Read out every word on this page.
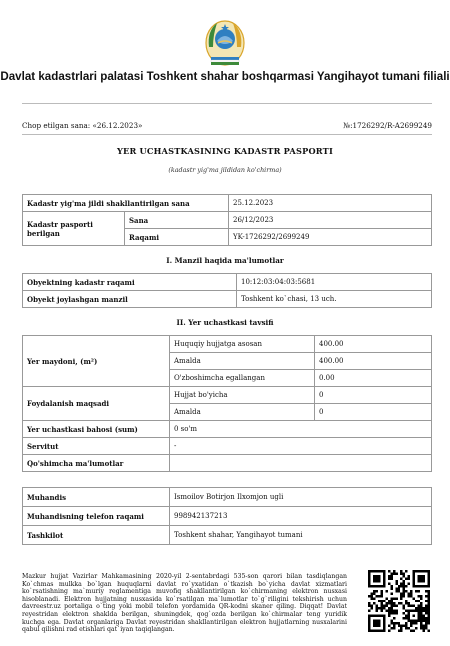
Davlat kadastrlari palatasi Toshkent shahar boshqarmasi Yangihayot tumani filiali
Chop etilgan sana: «26.12.2023»	№:1726292/R-A2699249
YER UCHASTKASINING KADASTR PASPORTI
(kadastr yig'ma jildidan ko'chirma)
Kadastr yig'ma jildi shakllantirilgan sana		25.12.2023
Kadastr pasporti berilgan	Sana	26/12/2023
	Raqami	YK-1726292/2699249
I. Manzil haqida ma'lumotlar
Obyektning kadastr raqami	10:12:03:04:03:5681
Obyekt joylashgan manzil	Toshkent ko`chasi, 13 uch.
II. Yer uchastkasi tavsifi
Yer maydoni, (m²)	Huquqiy hujjatga asosan	400.00
	Amalda	400.00
	O'zboshimcha egallangan	0.00
Foydalanish maqsadi	Hujjat bo'yicha	0
	Amalda	0
Yer uchastkasi bahosi (sum)	0 so'm	
Servitut	-	
Qo'shimcha ma'lumotlar		
Muhandis	Ismoilov Botirjon Ilxomjon ugli
Muhandisning telefon raqami	998942137213
Tashkilot	Toshkent shahar, Yangihayot tumani
Mazkur hujjat Vazirlar Mahkamasining 2020-yil 2-sentabrdagi 535-son qarori bilan tasdiqlangan Ko`chmas mulkka bo`lgan huquqlarni davlat ro`yxatidan o`tkazish bo`yicha davlat xizmatlari ko`rsatishning ma`muriy reglamentiga muvofiq shakllantirilgan ko`chirmaning elektron nusxasi hisoblanadi. Elektron hujjatning nusxasida ko`rsatilgan ma`lumotlar to`g`riligini tekshirish uchun davreestr.uz portaliga o`ting yoki mobil telefon yordamida QR-kodni skaner qiling. Diqqat! Davlat reyestridan elektron shaklda berilgan, shuningdek, qog`ozda berilgan ko`chirmalar teng yuridik kuchga ega. Davlat organlariga Davlat reyestridan shakllantirilgan elektron hujjatlarning nusxalarini qabul qilishni rad etishlari qat`iyan taqiqlangan.
